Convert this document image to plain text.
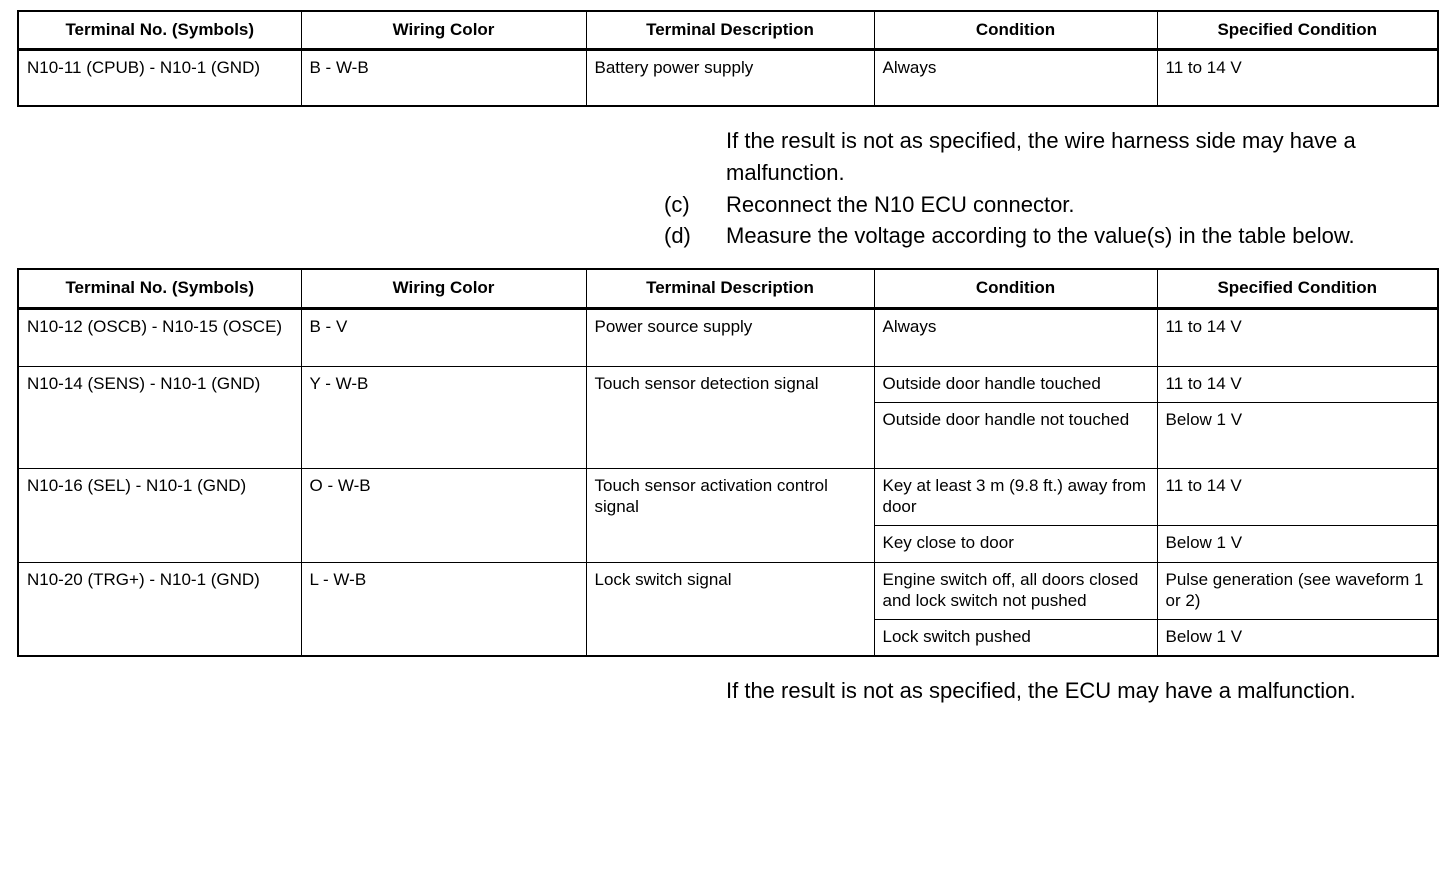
Terminal No. (Symbols)	Wiring Color	Terminal Description	Condition	Specified Condition
N10-11 (CPUB) - N10-1 (GND)	B - W-B	Battery power supply	Always	11 to 14 V
If the result is not as specified, the wire harness side may have a malfunction.
(c)	Reconnect the N10 ECU connector.
(d)	Measure the voltage according to the value(s) in the table below.
Terminal No. (Symbols)	Wiring Color	Terminal Description	Condition	Specified Condition
N10-12 (OSCB) - N10-15 (OSCE)	B - V	Power source supply	Always	11 to 14 V
N10-14 (SENS) - N10-1 (GND)	Y - W-B	Touch sensor detection signal	Outside door handle touched	11 to 14 V
			Outside door handle not touched	Below 1 V
N10-16 (SEL) - N10-1 (GND)	O - W-B	Touch sensor activation control signal	Key at least 3 m (9.8 ft.) away from door	11 to 14 V
			Key close to door	Below 1 V
N10-20 (TRG+) - N10-1 (GND)	L - W-B	Lock switch signal	Engine switch off, all doors closed and lock switch not pushed	Pulse generation (see waveform 1 or 2)
			Lock switch pushed	Below 1 V
If the result is not as specified, the ECU may have a malfunction.
